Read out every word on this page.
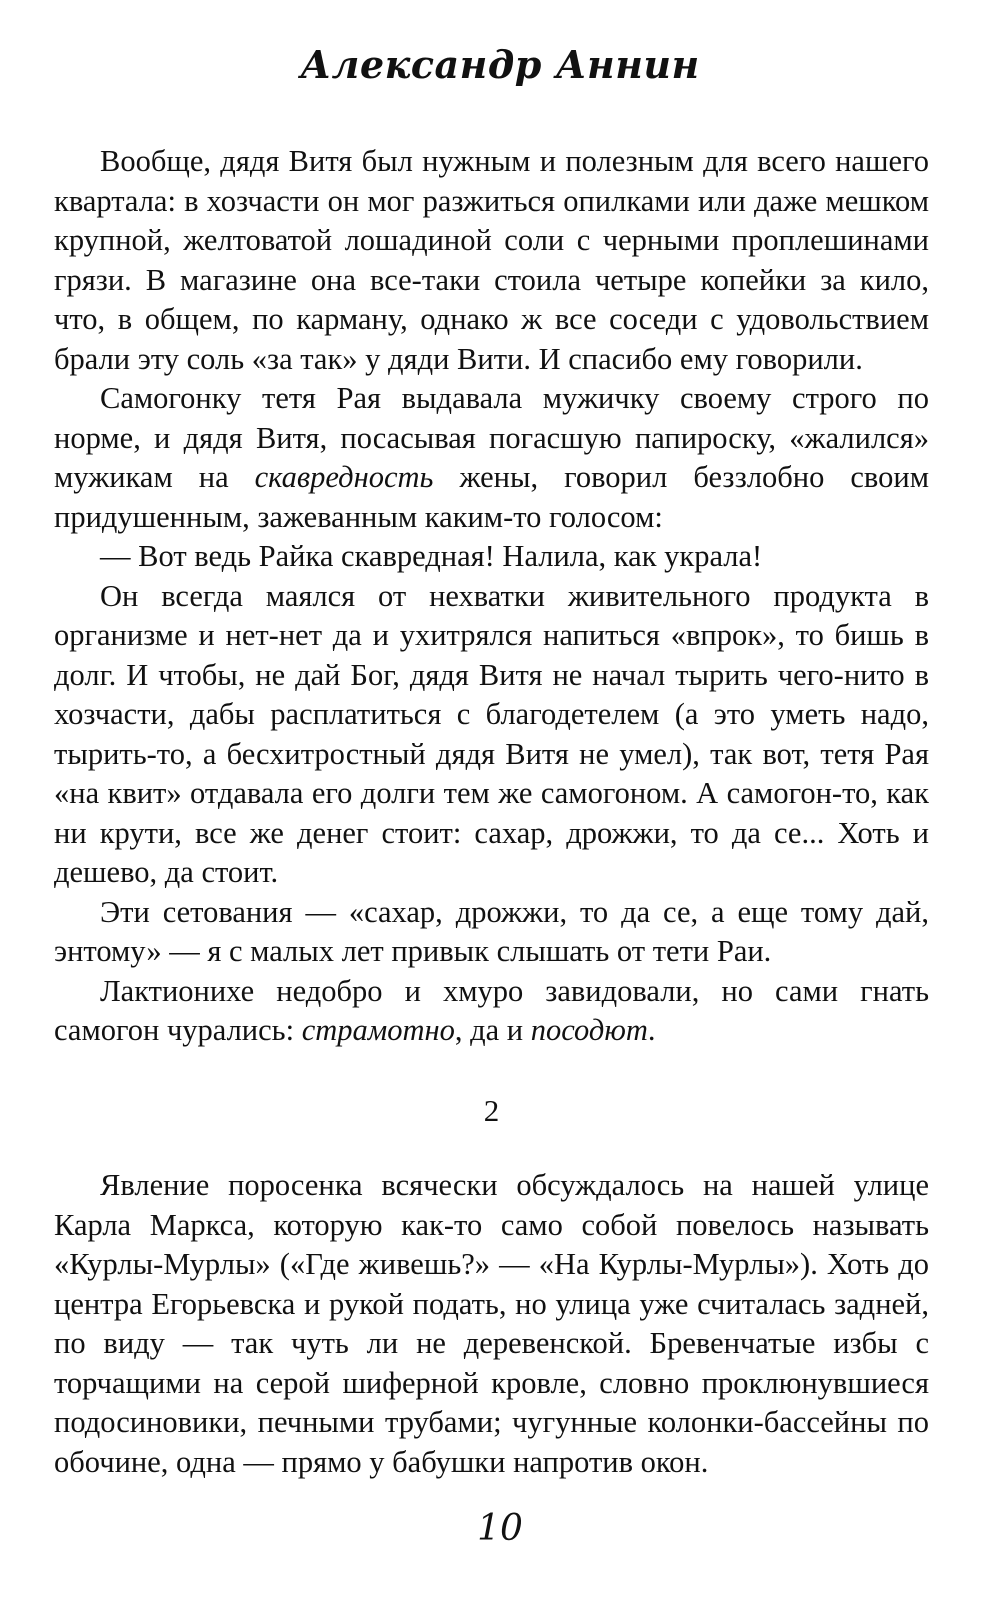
Александр Аннин

Вообще, дядя Витя был нужным и полезным для всего нашего квартала: в хозчасти он мог разжиться опилками или даже мешком крупной, желтоватой лошадиной соли с черными проплешинами грязи. В магазине она все-таки стоила четыре копейки за кило, что, в общем, по карману, однако ж все соседи с удовольствием брали эту соль «за так» у дяди Вити. И спасибо ему говорили.

Самогонку тетя Рая выдавала мужичку своему строго по норме, и дядя Витя, посасывая погасшую папироску, «жалился» мужикам на скавредность жены, говорил беззлобно своим придушенным, зажеванным каким-то голосом:

— Вот ведь Райка скавредная! Налила, как украла!

Он всегда маялся от нехватки живительного продукта в организме и нет-нет да и ухитрялся напиться «впрок», то бишь в долг. И чтобы, не дай Бог, дядя Витя не начал тырить чего-нито в хозчасти, дабы расплатиться с благодетелем (а это уметь надо, тырить-то, а бесхитростный дядя Витя не умел), так вот, тетя Рая «на квит» отдавала его долги тем же самогоном. А самогон-то, как ни крути, все же денег стоит: сахар, дрожжи, то да се... Хоть и дешево, да стоит.

Эти сетования — «сахар, дрожжи, то да се, а еще тому дай, энтому» — я с малых лет привык слышать от тети Раи.

Лактионихе недобро и хмуро завидовали, но сами гнать самогон чурались: страмотно, да и посодют.

2

Явление поросенка всячески обсуждалось на нашей улице Карла Маркса, которую как-то само собой повелось называть «Курлы-Мурлы» («Где живешь?» — «На Курлы-Мурлы»). Хоть до центра Егорьевска и рукой подать, но улица уже считалась задней, по виду — так чуть ли не деревенской. Бревенчатые избы с торчащими на серой шиферной кровле, словно проклюнувшиеся подосиновики, печными трубами; чугунные колонки-бассейны по обочине, одна — прямо у бабушки напротив окон.

10
